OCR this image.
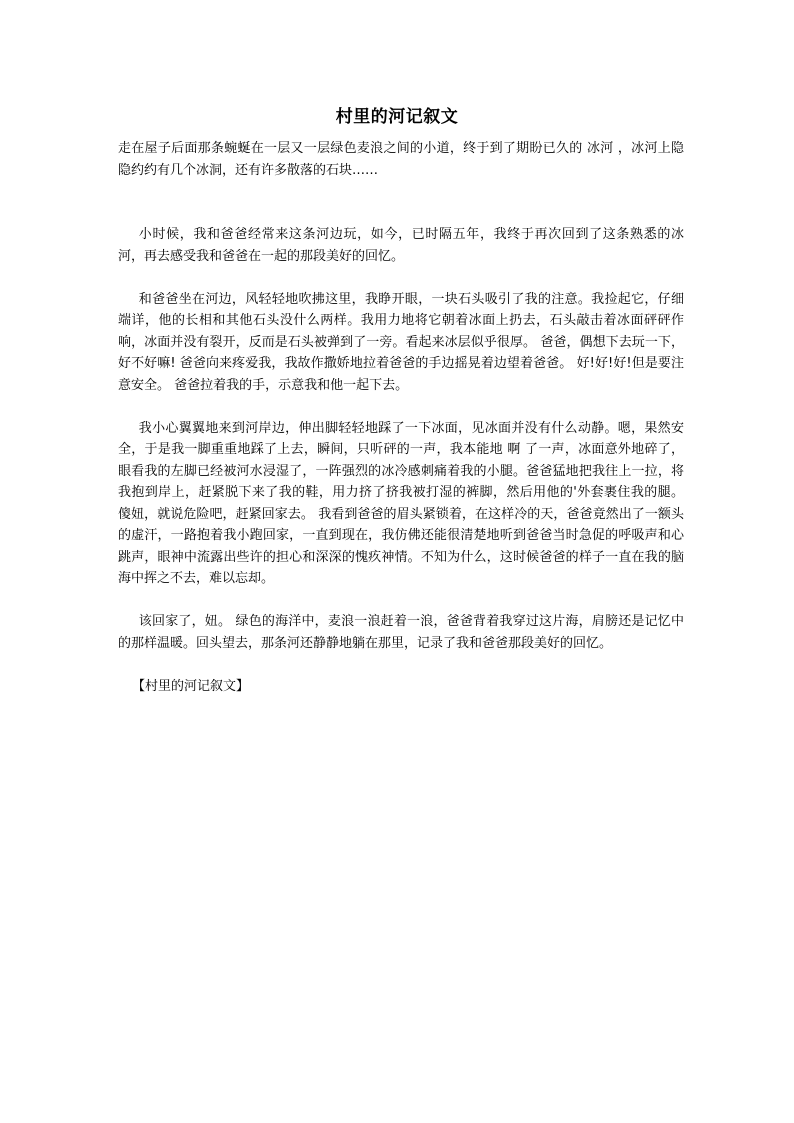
村里的河记叙文

走在屋子后面那条蜿蜒在一层又一层绿色麦浪之间的小道，终于到了期盼已久的 冰河 ，冰河上隐隐约约有几个冰洞，还有许多散落的石块……

小时候，我和爸爸经常来这条河边玩，如今，已时隔五年，我终于再次回到了这条熟悉的冰河，再去感受我和爸爸在一起的那段美好的回忆。

和爸爸坐在河边，风轻轻地吹拂这里，我睁开眼，一块石头吸引了我的注意。我捡起它，仔细端详，他的长相和其他石头没什么两样。我用力地将它朝着冰面上扔去，石头敲击着冰面砰砰作响，冰面并没有裂开，反而是石头被弹到了一旁。看起来冰层似乎很厚。 爸爸，偶想下去玩一下，好不好嘛! 爸爸向来疼爱我，我故作撒娇地拉着爸爸的手边摇晃着边望着爸爸。 好!好!好!但是要注意安全。 爸爸拉着我的手，示意我和他一起下去。

我小心翼翼地来到河岸边，伸出脚轻轻地踩了一下冰面，见冰面并没有什么动静。嗯，果然安全，于是我一脚重重地踩了上去，瞬间，只听砰的一声，我本能地 啊 了一声，冰面意外地碎了，眼看我的左脚已经被河水浸湿了，一阵强烈的冰冷感刺痛着我的小腿。爸爸猛地把我往上一拉，将我抱到岸上，赶紧脱下来了我的鞋，用力挤了挤我被打湿的裤脚，然后用他的'外套裹住我的腿。 傻妞，就说危险吧，赶紧回家去。 我看到爸爸的眉头紧锁着，在这样冷的天，爸爸竟然出了一额头的虚汗，一路抱着我小跑回家，一直到现在，我仿佛还能很清楚地听到爸爸当时急促的呼吸声和心跳声，眼神中流露出些许的担心和深深的愧疚神情。不知为什么，这时候爸爸的样子一直在我的脑海中挥之不去，难以忘却。

该回家了，妞。 绿色的海洋中，麦浪一浪赶着一浪，爸爸背着我穿过这片海，肩膀还是记忆中的那样温暖。回头望去，那条河还静静地躺在那里，记录了我和爸爸那段美好的回忆。

【村里的河记叙文】
